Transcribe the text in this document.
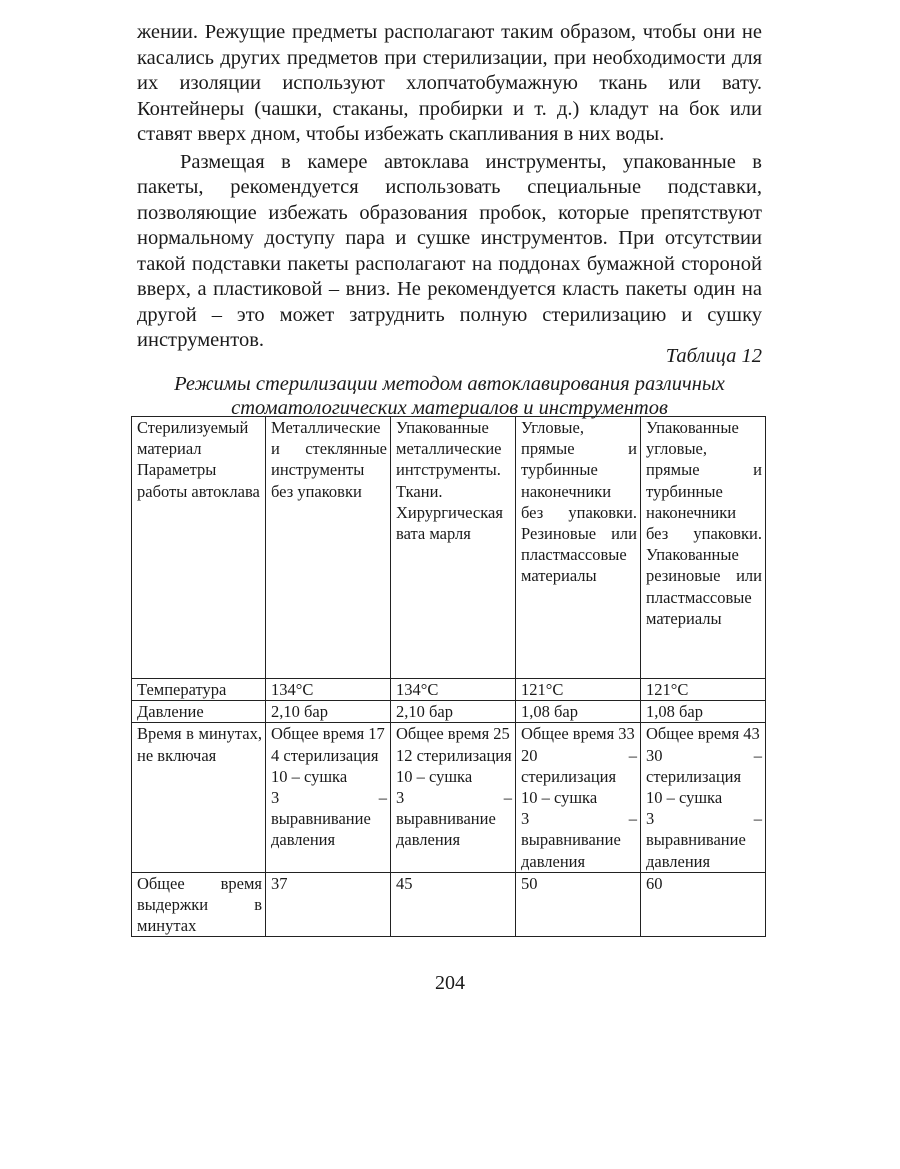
жении. Режущие предметы располагают таким образом, чтобы они не касались других предметов при стерилизации, при необходимости для их изоляции используют хлопчатобумажную ткань или вату. Контейнеры (чашки, стаканы, пробирки и т. д.) кладут на бок или ставят вверх дном, чтобы избежать скапливания в них воды.

Размещая в камере автоклава инструменты, упакованные в пакеты, рекомендуется использовать специальные подставки, позволяющие избежать образования пробок, которые препятствуют нормальному доступу пара и сушке инструментов. При отсутствии такой подставки пакеты располагают на поддонах бумажной стороной вверх, а пластиковой – вниз. Не рекомендуется класть пакеты один на другой – это может затруднить полную стерилизацию и сушку инструментов.

Таблица 12
Режимы стерилизации методом автоклавирования различных стоматологических материалов и инструментов
Стерилизуемый материал Параметры работы автоклава	Металлические и стеклянные инструменты без упаковки	Упакованные металлические интструменты. Ткани. Хирургическая вата марля	Угловые, прямые и турбинные наконечники без упаковки. Резиновые или пластмассовые материалы	Упакованные угловые, прямые и турбинные наконечники без упаковки. Упакованные резиновые или пластмассовые материалы
Температура	134°С	134°С	121°С	121°С
Давление	2,10 бар	2,10 бар	1,08 бар	1,08 бар
Время в минутах, не включая	Общее время 17
4 стерилизация
10 – сушка
3 – выравнивание давления	Общее время 25
12 стерилизация
10 – сушка
3 – выравнивание давления	Общее время 33
20 – стерилизация
10 – сушка
3 – выравнивание давления	Общее время 43
30 – стерилизация
10 – сушка
3 – выравнивание давления

Общее время выдержки в минутах	37	45	50	60
204
